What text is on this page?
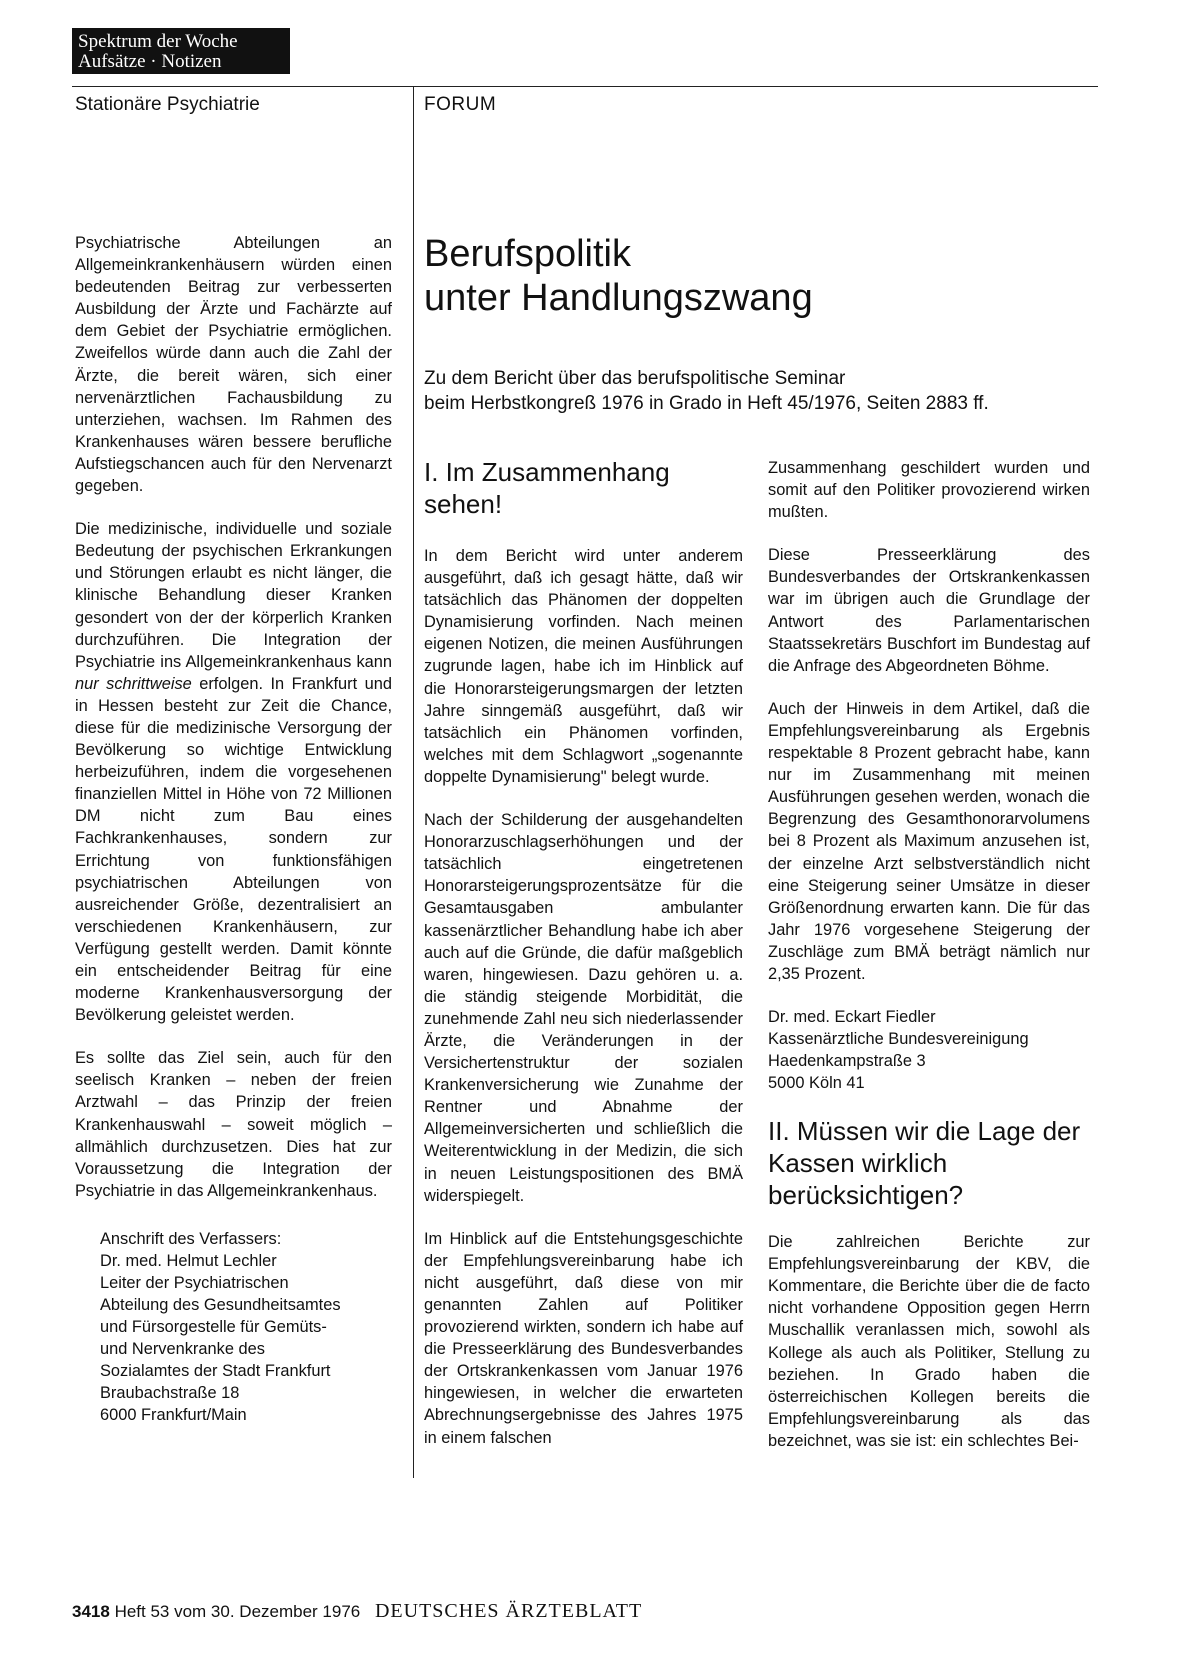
Spektrum der Woche
Aufsätze · Notizen
Stationäre Psychiatrie	FORUM

Psychiatrische Abteilungen an Allgemeinkrankenhäusern würden einen bedeutenden Beitrag zur verbesserten Ausbildung der Ärzte und Fachärzte auf dem Gebiet der Psychiatrie ermöglichen. Zweifellos würde dann auch die Zahl der Ärzte, die bereit wären, sich einer nervenärztlichen Fachausbildung zu unterziehen, wachsen. Im Rahmen des Krankenhauses wären bessere berufliche Aufstiegschancen auch für den Nervenarzt gegeben.

Die medizinische, individuelle und soziale Bedeutung der psychischen Erkrankungen und Störungen erlaubt es nicht länger, die klinische Behandlung dieser Kranken gesondert von der der körperlich Kranken durchzuführen. Die Integration der Psychiatrie ins Allgemeinkrankenhaus kann nur schrittweise erfolgen. In Frankfurt und in Hessen besteht zur Zeit die Chance, diese für die medizinische Versorgung der Bevölkerung so wichtige Entwicklung herbeizuführen, indem die vorgesehenen finanziellen Mittel in Höhe von 72 Millionen DM nicht zum Bau eines Fachkrankenhauses, sondern zur Errichtung von funktionsfähigen psychiatrischen Abteilungen von ausreichender Größe, dezentralisiert an verschiedenen Krankenhäusern, zur Verfügung gestellt werden. Damit könnte ein entscheidender Beitrag für eine moderne Krankenhausversorgung der Bevölkerung geleistet werden.

Es sollte das Ziel sein, auch für den seelisch Kranken – neben der freien Arztwahl – das Prinzip der freien Krankenhauswahl – soweit möglich – allmählich durchzusetzen. Dies hat zur Voraussetzung die Integration der Psychiatrie in das Allgemeinkrankenhaus.

Anschrift des Verfassers:
Dr. med. Helmut Lechler
Leiter der Psychiatrischen
Abteilung des Gesundheitsamtes
und Fürsorgestelle für Gemüts-
und Nervenkranke des
Sozialamtes der Stadt Frankfurt
Braubachstraße 18
6000 Frankfurt/Main
Berufspolitik
unter Handlungszwang
Zu dem Bericht über das berufspolitische Seminar
beim Herbstkongreß 1976 in Grado in Heft 45/1976, Seiten 2883 ff.
I. Im Zusammenhang sehen!

In dem Bericht wird unter anderem ausgeführt, daß ich gesagt hätte, daß wir tatsächlich das Phänomen der doppelten Dynamisierung vorfinden. Nach meinen eigenen Notizen, die meinen Ausführungen zugrunde lagen, habe ich im Hinblick auf die Honorarsteigerungsmargen der letzten Jahre sinngemäß ausgeführt, daß wir tatsächlich ein Phänomen vorfinden, welches mit dem Schlagwort „sogenannte doppelte Dynamisierung" belegt wurde.

Nach der Schilderung der ausgehandelten Honorarzuschlagserhöhungen und der tatsächlich eingetretenen Honorarsteigerungsprozentsätze für die Gesamtausgaben ambulanter kassenärztlicher Behandlung habe ich aber auch auf die Gründe, die dafür maßgeblich waren, hingewiesen. Dazu gehören u. a. die ständig steigende Morbidität, die zunehmende Zahl neu sich niederlassender Ärzte, die Veränderungen in der Versichertenstruktur der sozialen Krankenversicherung wie Zunahme der Rentner und Abnahme der Allgemeinversicherten und schließlich die Weiterentwicklung in der Medizin, die sich in neuen Leistungspositionen des BMÄ widerspiegelt.

Im Hinblick auf die Entstehungsgeschichte der Empfehlungsvereinbarung habe ich nicht ausgeführt, daß diese von mir genannten Zahlen auf Politiker provozierend wirkten, sondern ich habe auf die Presseerklärung des Bundesverbandes der Ortskrankenkassen vom Januar 1976 hingewiesen, in welcher die erwarteten Abrechnungsergebnisse des Jahres 1975 in einem falschen

Zusammenhang geschildert wurden und somit auf den Politiker provozierend wirken mußten.

Diese Presseerklärung des Bundesverbandes der Ortskrankenkassen war im übrigen auch die Grundlage der Antwort des Parlamentarischen Staatssekretärs Buschfort im Bundestag auf die Anfrage des Abgeordneten Böhme.

Auch der Hinweis in dem Artikel, daß die Empfehlungsvereinbarung als Ergebnis respektable 8 Prozent gebracht habe, kann nur im Zusammenhang mit meinen Ausführungen gesehen werden, wonach die Begrenzung des Gesamthonorarvolumens bei 8 Prozent als Maximum anzusehen ist, der einzelne Arzt selbstverständlich nicht eine Steigerung seiner Umsätze in dieser Größenordnung erwarten kann. Die für das Jahr 1976 vorgesehene Steigerung der Zuschläge zum BMÄ beträgt nämlich nur 2,35 Prozent.

Dr. med. Eckart Fiedler
Kassenärztliche Bundesvereinigung
Haedenkampstraße 3
5000 Köln 41
II. Müssen wir die Lage der Kassen wirklich berücksichtigen?

Die zahlreichen Berichte zur Empfehlungsvereinbarung der KBV, die Kommentare, die Berichte über die de facto nicht vorhandene Opposition gegen Herrn Muschallik veranlassen mich, sowohl als Kollege als auch als Politiker, Stellung zu beziehen. In Grado haben die österreichischen Kollegen bereits die Empfehlungsvereinbarung als das bezeichnet, was sie ist: ein schlechtes Bei-

3418 Heft 53 vom 30. Dezember 1976 DEUTSCHES ÄRZTEBLATT
